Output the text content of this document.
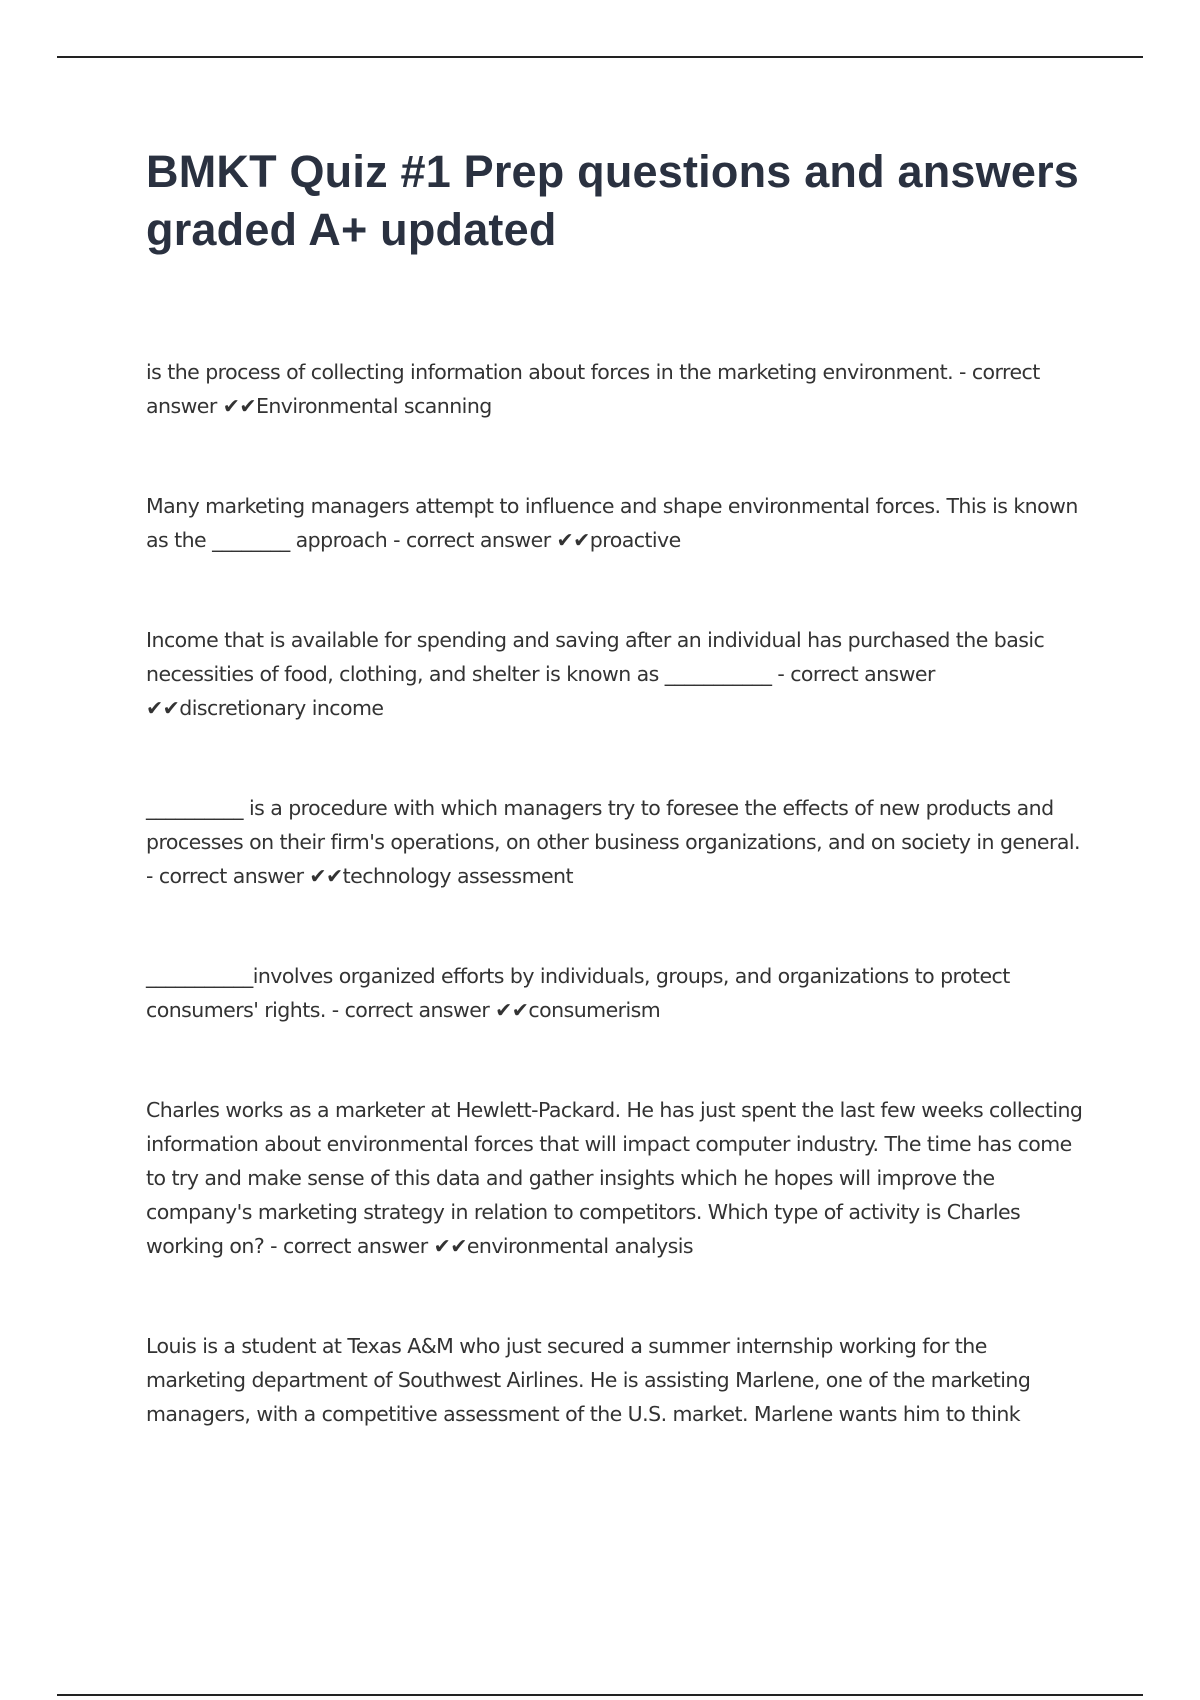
BMKT Quiz #1 Prep questions and answers graded A+ updated

is the process of collecting information about forces in the marketing environment. - correct answer ✔✔Environmental scanning

Many marketing managers attempt to influence and shape environmental forces. This is known as the ________ approach - correct answer ✔✔proactive

Income that is available for spending and saving after an individual has purchased the basic necessities of food, clothing, and shelter is known as ___________ - correct answer ✔✔discretionary income

__________ is a procedure with which managers try to foresee the effects of new products and processes on their firm's operations, on other business organizations, and on society in general. - correct answer ✔✔technology assessment

___________involves organized efforts by individuals, groups, and organizations to protect consumers' rights. - correct answer ✔✔consumerism

Charles works as a marketer at Hewlett-Packard. He has just spent the last few weeks collecting information about environmental forces that will impact computer industry. The time has come to try and make sense of this data and gather insights which he hopes will improve the company's marketing strategy in relation to competitors. Which type of activity is Charles working on? - correct answer ✔✔environmental analysis

Louis is a student at Texas A&M who just secured a summer internship working for the marketing department of Southwest Airlines. He is assisting Marlene, one of the marketing managers, with a competitive assessment of the U.S. market. Marlene wants him to think
